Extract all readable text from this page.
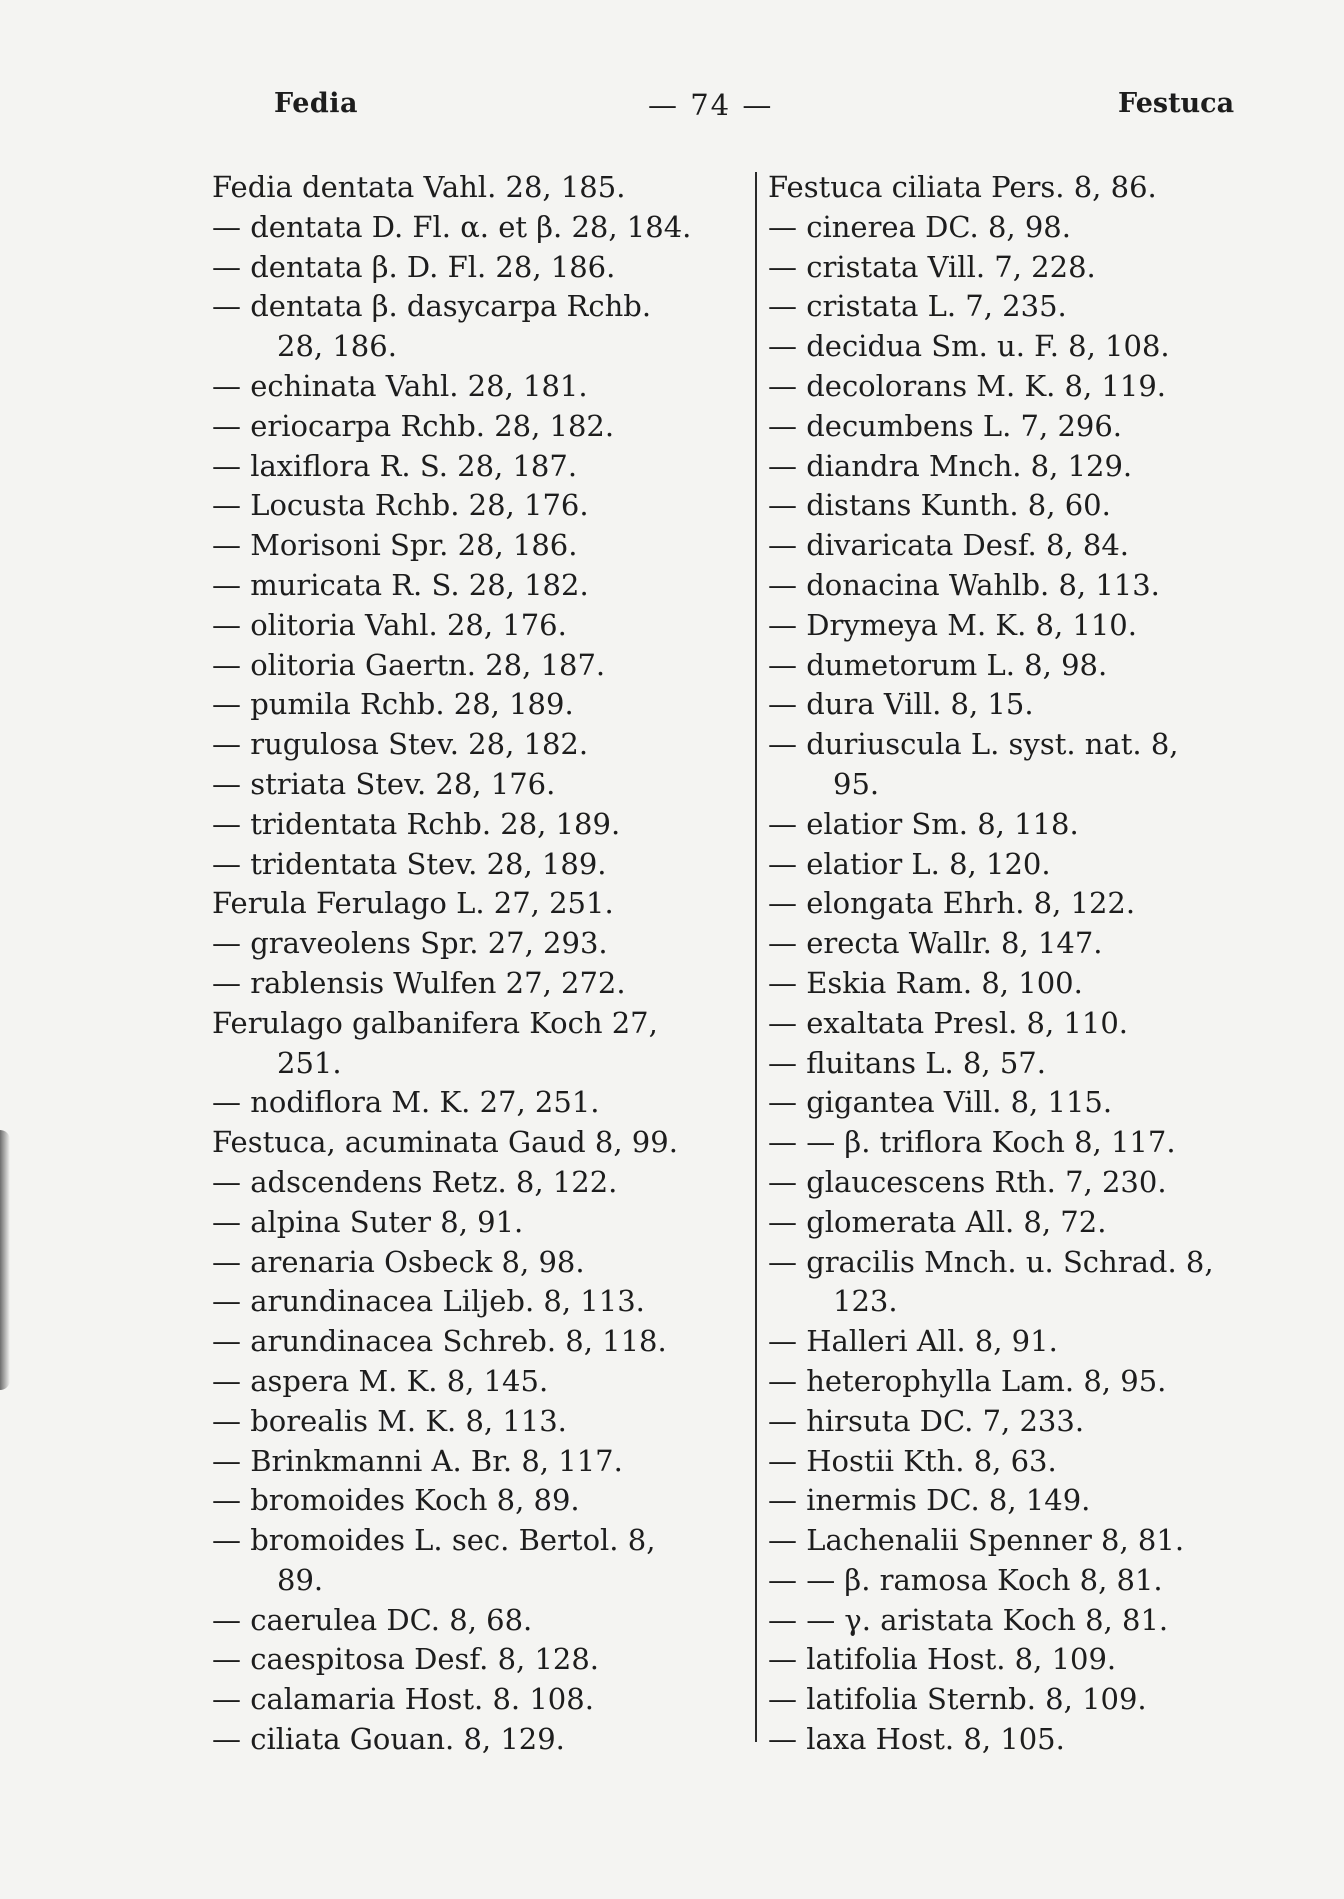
Fedia	— 74 —	Festuca
Fedia dentata Vahl. 28, 185.
— dentata D. Fl. α. et β. 28, 184.
— dentata β. D. Fl. 28, 186.
— dentata β. dasycarpa Rchb.
28, 186.
— echinata Vahl. 28, 181.
— eriocarpa Rchb. 28, 182.
— laxiflora R. S. 28, 187.
— Locusta Rchb. 28, 176.
— Morisoni Spr. 28, 186.
— muricata R. S. 28, 182.
— olitoria Vahl. 28, 176.
— olitoria Gaertn. 28, 187.
— pumila Rchb. 28, 189.
— rugulosa Stev. 28, 182.
— striata Stev. 28, 176.
— tridentata Rchb. 28, 189.
— tridentata Stev. 28, 189.
Ferula Ferulago L. 27, 251.
— graveolens Spr. 27, 293.
— rablensis Wulfen 27, 272.
Ferulago galbanifera Koch 27,
251.
— nodiflora M. K. 27, 251.
Festuca, acuminata Gaud 8, 99.
— adscendens Retz. 8, 122.
— alpina Suter 8, 91.
— arenaria Osbeck 8, 98.
— arundinacea Liljeb. 8, 113.
— arundinacea Schreb. 8, 118.
— aspera M. K. 8, 145.
— borealis M. K. 8, 113.
— Brinkmanni A. Br. 8, 117.
— bromoides Koch 8, 89.
— bromoides L. sec. Bertol. 8,
89.
— caerulea DC. 8, 68.
— caespitosa Desf. 8, 128.
— calamaria Host. 8. 108.
— ciliata Gouan. 8, 129.
Festuca ciliata Pers. 8, 86.
— cinerea DC. 8, 98.
— cristata Vill. 7, 228.
— cristata L. 7, 235.
— decidua Sm. u. F. 8, 108.
— decolorans M. K. 8, 119.
— decumbens L. 7, 296.
— diandra Mnch. 8, 129.
— distans Kunth. 8, 60.
— divaricata Desf. 8, 84.
— donacina Wahlb. 8, 113.
— Drymeya M. K. 8, 110.
— dumetorum L. 8, 98.
— dura Vill. 8, 15.
— duriuscula L. syst. nat. 8,
95.
— elatior Sm. 8, 118.
— elatior L. 8, 120.
— elongata Ehrh. 8, 122.
— erecta Wallr. 8, 147.
— Eskia Ram. 8, 100.
— exaltata Presl. 8, 110.
— fluitans L. 8, 57.
— gigantea Vill. 8, 115.
— — β. triflora Koch 8, 117.
— glaucescens Rth. 7, 230.
— glomerata All. 8, 72.
— gracilis Mnch. u. Schrad. 8,
123.
— Halleri All. 8, 91.
— heterophylla Lam. 8, 95.
— hirsuta DC. 7, 233.
— Hostii Kth. 8, 63.
— inermis DC. 8, 149.
— Lachenalii Spenner 8, 81.
— — β. ramosa Koch 8, 81.
— — γ. aristata Koch 8, 81.
— latifolia Host. 8, 109.
— latifolia Sternb. 8, 109.
— laxa Host. 8, 105.
